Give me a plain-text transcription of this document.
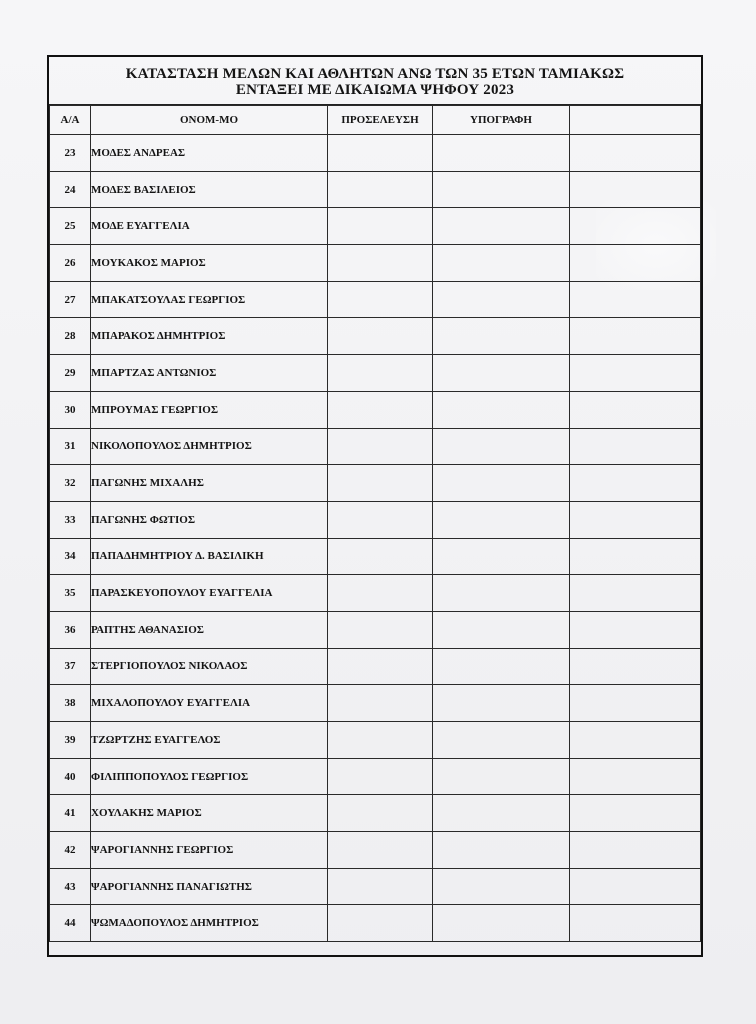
ΚΑΤΑΣΤΑΣΗ ΜΕΛΩΝ ΚΑΙ ΑΘΛΗΤΩΝ ΑΝΩ ΤΩΝ 35 ΕΤΩΝ ΤΑΜΙΑΚΩΣ
ΕΝΤΑΞΕΙ ΜΕ ΔΙΚΑΙΩΜΑ ΨΗΦΟΥ 2023
Α/Α	ΟΝΟΜ-ΜΟ	ΠΡΟΣΕΛΕΥΣΗ	ΥΠΟΓΡΑΦΗ	
23	ΜΟΔΕΣ ΑΝΔΡΕΑΣ			
24	ΜΟΔΕΣ ΒΑΣΙΛΕΙΟΣ			
25	ΜΟΔΕ ΕΥΑΓΓΕΛΙΑ			
26	ΜΟΥΚΑΚΟΣ ΜΑΡΙΟΣ			
27	ΜΠΑΚΑΤΣΟΥΛΑΣ ΓΕΩΡΓΙΟΣ			
28	ΜΠΑΡΑΚΟΣ ΔΗΜΗΤΡΙΟΣ			
29	ΜΠΑΡΤΖΑΣ ΑΝΤΩΝΙΟΣ			
30	ΜΠΡΟΥΜΑΣ ΓΕΩΡΓΙΟΣ			
31	ΝΙΚΟΛΟΠΟΥΛΟΣ ΔΗΜΗΤΡΙΟΣ			
32	ΠΑΓΩΝΗΣ ΜΙΧΑΛΗΣ			
33	ΠΑΓΩΝΗΣ ΦΩΤΙΟΣ			
34	ΠΑΠΑΔΗΜΗΤΡΙΟΥ Δ. ΒΑΣΙΛΙΚΗ			
35	ΠΑΡΑΣΚΕΥΟΠΟΥΛΟΥ ΕΥΑΓΓΕΛΙΑ			
36	ΡΑΠΤΗΣ ΑΘΑΝΑΣΙΟΣ			
37	ΣΤΕΡΓΙΟΠΟΥΛΟΣ ΝΙΚΟΛΑΟΣ			
38	ΜΙΧΑΛΟΠΟΥΛΟΥ ΕΥΑΓΓΕΛΙΑ			
39	ΤΖΩΡΤΖΗΣ ΕΥΑΓΓΕΛΟΣ			
40	ΦΙΛΙΠΠΟΠΟΥΛΟΣ ΓΕΩΡΓΙΟΣ			
41	ΧΟΥΛΑΚΗΣ ΜΑΡΙΟΣ			
42	ΨΑΡΟΓΙΑΝΝΗΣ ΓΕΩΡΓΙΟΣ			
43	ΨΑΡΟΓΙΑΝΝΗΣ ΠΑΝΑΓΙΩΤΗΣ			
44	ΨΩΜΑΔΟΠΟΥΛΟΣ ΔΗΜΗΤΡΙΟΣ			
